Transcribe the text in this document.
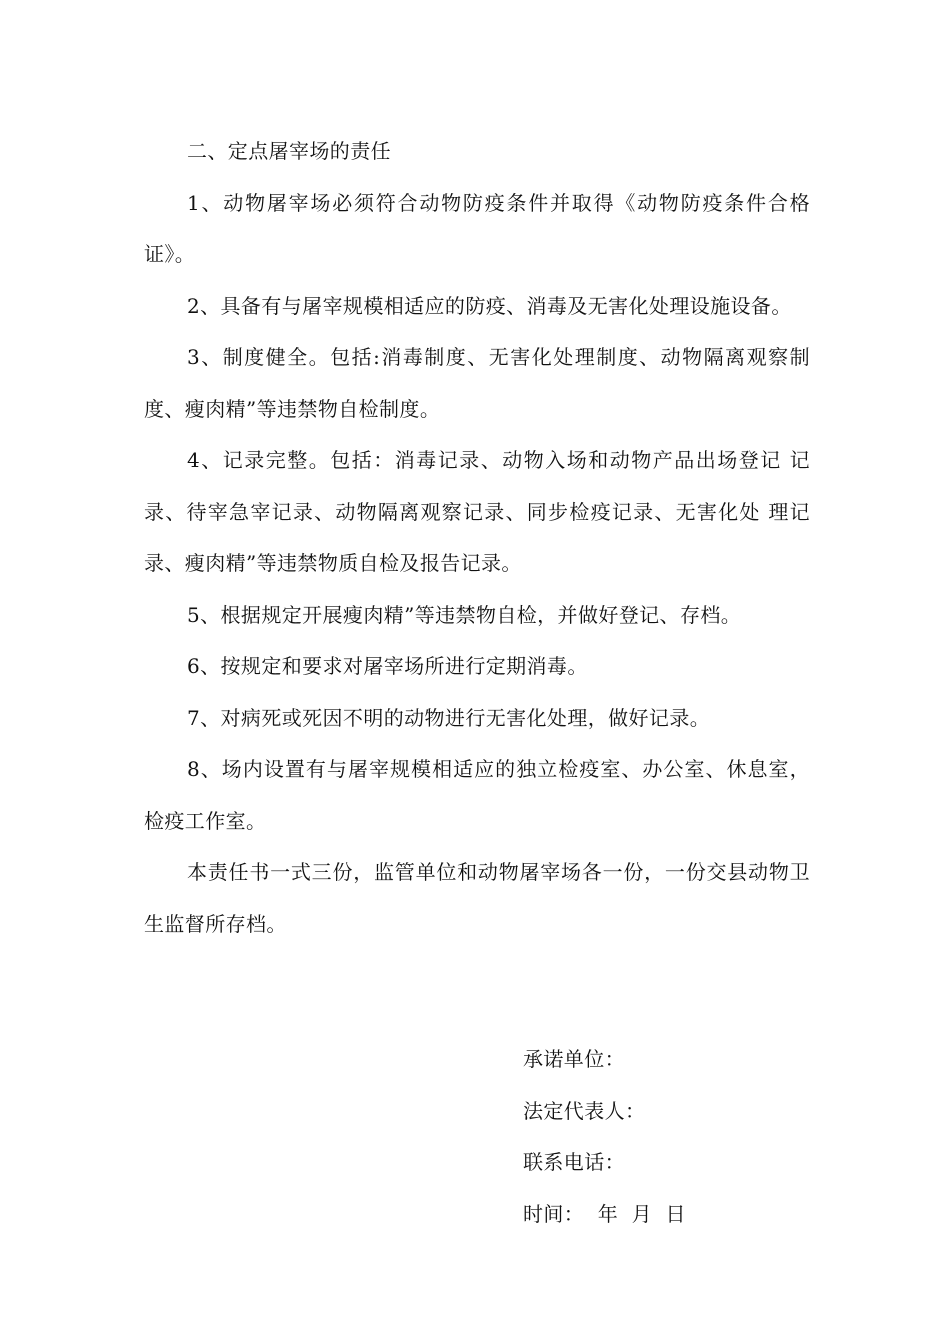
二、定点屠宰场的责任

1、动物屠宰场必须符合动物防疫条件并取得《动物防疫条件合格证》。

2、具备有与屠宰规模相适应的防疫、消毒及无害化处理设施设备。

3、制度健全。包括:消毒制度、无害化处理制度、动物隔离观察制度、瘦肉精”等违禁物自检制度。

4、记录完整。包括：消毒记录、动物入场和动物产品出场登记 记录、待宰急宰记录、动物隔离观察记录、同步检疫记录、无害化处 理记录、瘦肉精”等违禁物质自检及报告记录。

5、根据规定开展瘦肉精”等违禁物自检，并做好登记、存档。

6、按规定和要求对屠宰场所进行定期消毒。

7、对病死或死因不明的动物进行无害化处理，做好记录。

8、场内设置有与屠宰规模相适应的独立检疫室、办公室、休息室，检疫工作室。

本责任书一式三份，监管单位和动物屠宰场各一份，一份交县动物卫生监督所存档。

承诺单位：

法定代表人：

联系电话：

时间：  年  月  日
